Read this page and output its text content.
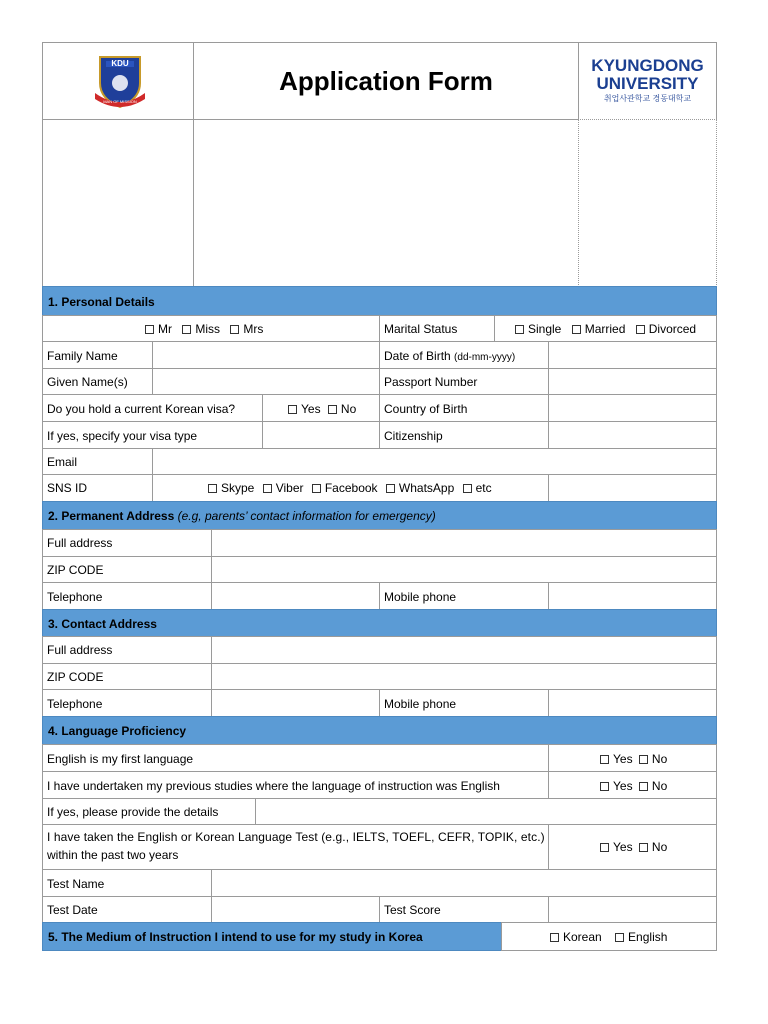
KDU
MAN OF MISSION
Application Form
KYUNGDONG
UNIVERSITY
취업사관학교 경동대학교
1. Personal Details
Mr Miss Mrs	Marital Status	Single Married Divorced
Family Name	Date of Birth (dd-mm-yyyy)
Given Name(s)	Passport Number
Do you hold a current Korean visa?	Yes No	Country of Birth
If yes, specify your visa type	Citizenship
Email
SNS ID	Skype Viber Facebook WhatsApp etc
2. Permanent Address (e.g, parents’ contact information for emergency)
Full address
ZIP CODE
Telephone	Mobile phone
3. Contact Address
Full address
ZIP CODE
Telephone	Mobile phone
4. Language Proficiency
English is my first language	Yes No
I have undertaken my previous studies where the language of instruction was English	Yes No
If yes, please provide the details
I have taken the English or Korean Language Test (e.g., IELTS, TOEFL, CEFR, TOPIK, etc.)
within the past two years
Yes No
Test Name
Test Date	Test Score
5. The Medium of Instruction I intend to use for my study in Korea	Korean English
